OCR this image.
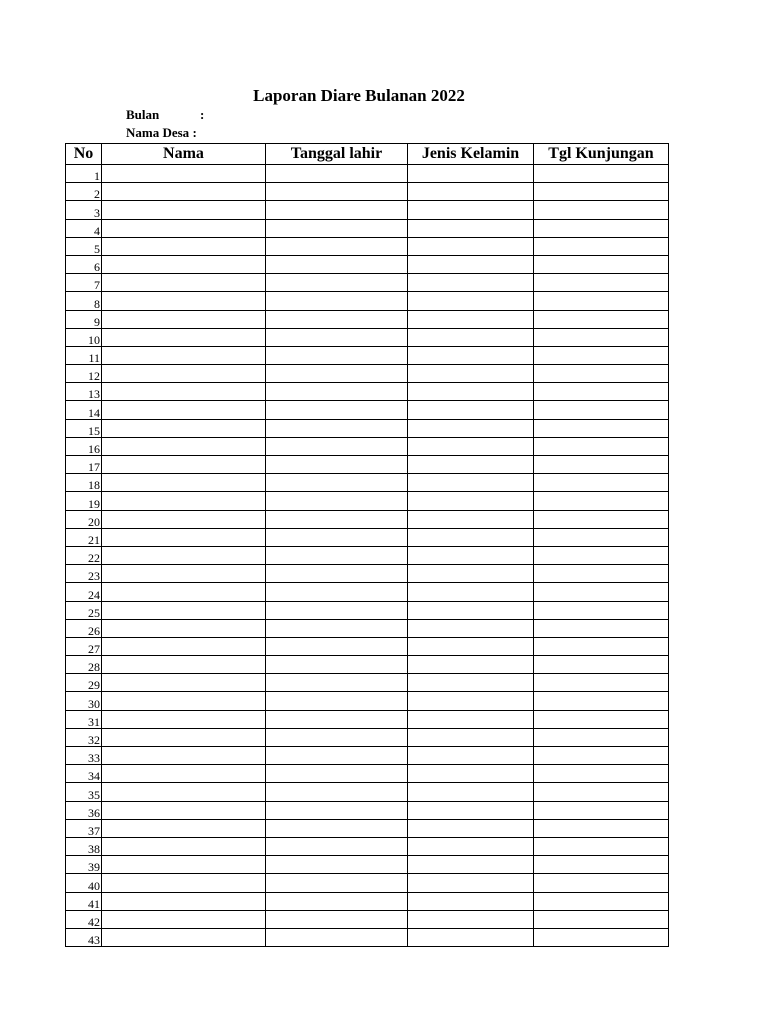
Laporan Diare Bulanan 2022
Bulan	:
Nama Desa :
No	Nama	Tanggal lahir	Jenis Kelamin	Tgl Kunjungan
1				
2				
3				
4				
5				
6				
7				
8				
9				
10				
11				
12				
13				
14				
15				
16				
17				
18				
19				
20				
21				
22				
23				
24				
25				
26				
27				
28				
29				
30				
31				
32				
33				
34				
35				
36				
37				
38				
39				
40				
41				
42				
43				
